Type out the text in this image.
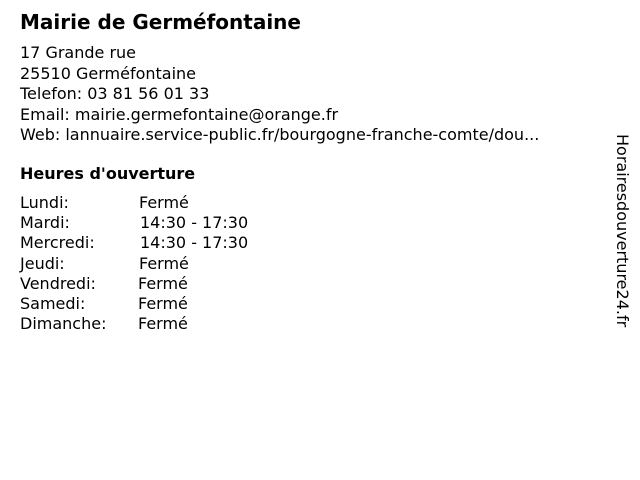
Mairie de Germéfontaine
17 Grande rue
25510 Germéfontaine
Telefon: 03 81 56 01 33
Email: mairie.germefontaine@orange.fr
Web: lannuaire.service-public.fr/bourgogne-franche-comte/dou...
Heures d'ouverture
Lundi:	Fermé
Mardi:	14:30 - 17:30
Mercredi:	14:30 - 17:30
Jeudi:	Fermé
Vendredi:	Fermé
Samedi:	Fermé
Dimanche: Fermé	Horairesdouverture24.fr
